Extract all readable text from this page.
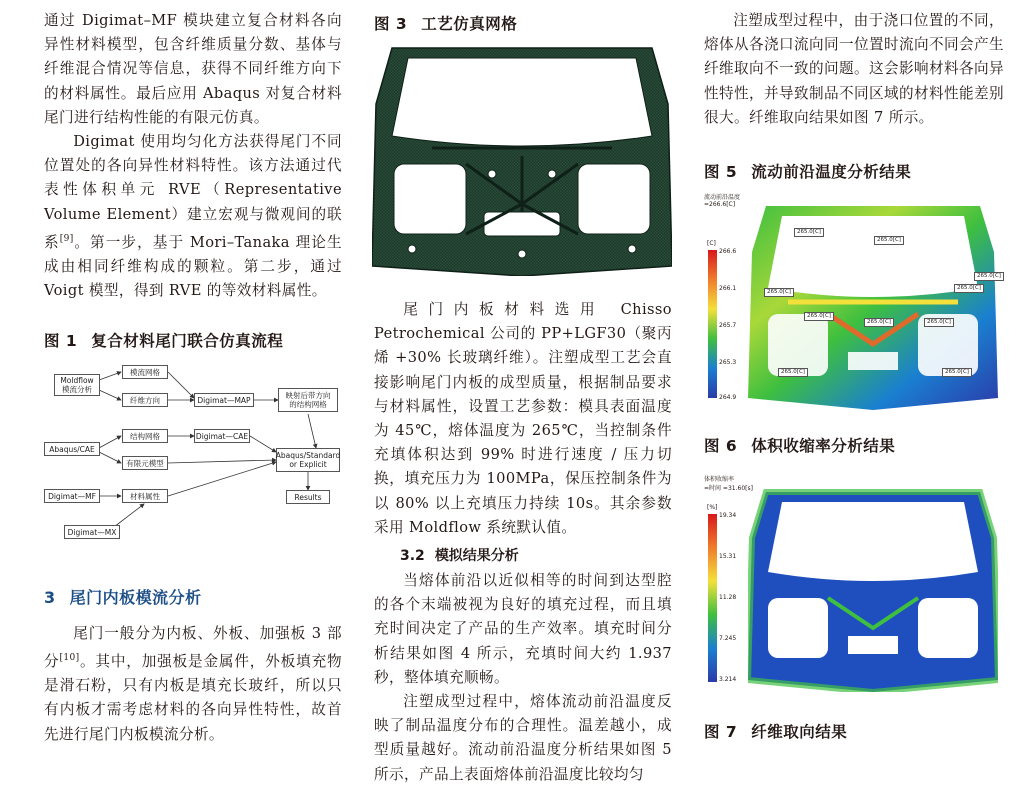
通过 Digimat–MF 模块建立复合材料各向异性材料模型，包含纤维质量分数、基体与纤维混合情况等信息，获得不同纤维方向下的材料属性。最后应用 Abaqus 对复合材料尾门进行结构性能的有限元仿真。

Digimat 使用均匀化方法获得尾门不同位置处的各向异性材料特性。该方法通过代表性体积单元 RVE（Representative Volume Element）建立宏观与微观间的联系[9]。第一步，基于 Mori–Tanaka 理论生成由相同纤维构成的颗粒。第二步，通过 Voigt 模型，得到 RVE 的等效材料属性。

图 1 复合材料尾门联合仿真流程

Moldflow
模流分析
模流网格
纤维方向	Digimat—MAP	映射后带方向
的结构网格
Abaqus/CAE
结构网格	Digimat—CAE
有限元模型
Abaqus/Standard
or Explicit
Digimat—MF	材料属性	Results
Digimat—MX

3 尾门内板模流分析

尾门一般分为内板、外板、加强板 3 部分[10]。其中，加强板是金属件，外板填充物是滑石粉，只有内板是填充长玻纤，所以只有内板才需考虑材料的各向异性特性，故首先进行尾门内板模流分析。

图 3 工艺仿真网格

尾门内板材料选用 Chisso Petrochemical 公司的 PP+LGF30（聚丙烯 +30% 长玻璃纤维）。注塑成型工艺会直接影响尾门内板的成型质量，根据制品要求与材料属性，设置工艺参数：模具表面温度为 45℃，熔体温度为 265℃，当控制条件充填体积达到 99% 时进行速度 / 压力切换，填充压力为 100MPa，保压控制条件为以 80% 以上充填压力持续 10s。其余参数采用 Moldflow 系统默认值。

3.2 模拟结果分析

当熔体前沿以近似相等的时间到达型腔的各个末端被视为良好的填充过程，而且填充时间决定了产品的生产效率。填充时间分析结果如图 4 所示，充填时间大约 1.937 秒，整体填充顺畅。

注塑成型过程中，熔体流动前沿温度反映了制品温度分布的合理性。温差越小，成型质量越好。流动前沿温度分析结果如图 5 所示，产品上表面熔体前沿温度比较均匀

注塑成型过程中，由于浇口位置的不同，熔体从各浇口流向同一位置时流向不同会产生纤维取向不一致的问题。这会影响材料各向异性特性，并导致制品不同区域的材料性能差别很大。纤维取向结果如图 7 所示。

图 5 流动前沿温度分析结果

流动前沿温度
=266.6[C]
[C]
266.6
266.1
265.7
265.3
264.9
265.0[C]
265.0[C]
265.0[C]
265.0[C]
265.0[C]
265.0[C]
265.0[C]	265.0[C]
265.0[C]	265.0[C]

图 6 体积收缩率分析结果

体积收缩率
=时间 =31.60[s]
[%]
19.34
15.31
11.28
7.245
3.214

图 7 纤维取向结果
